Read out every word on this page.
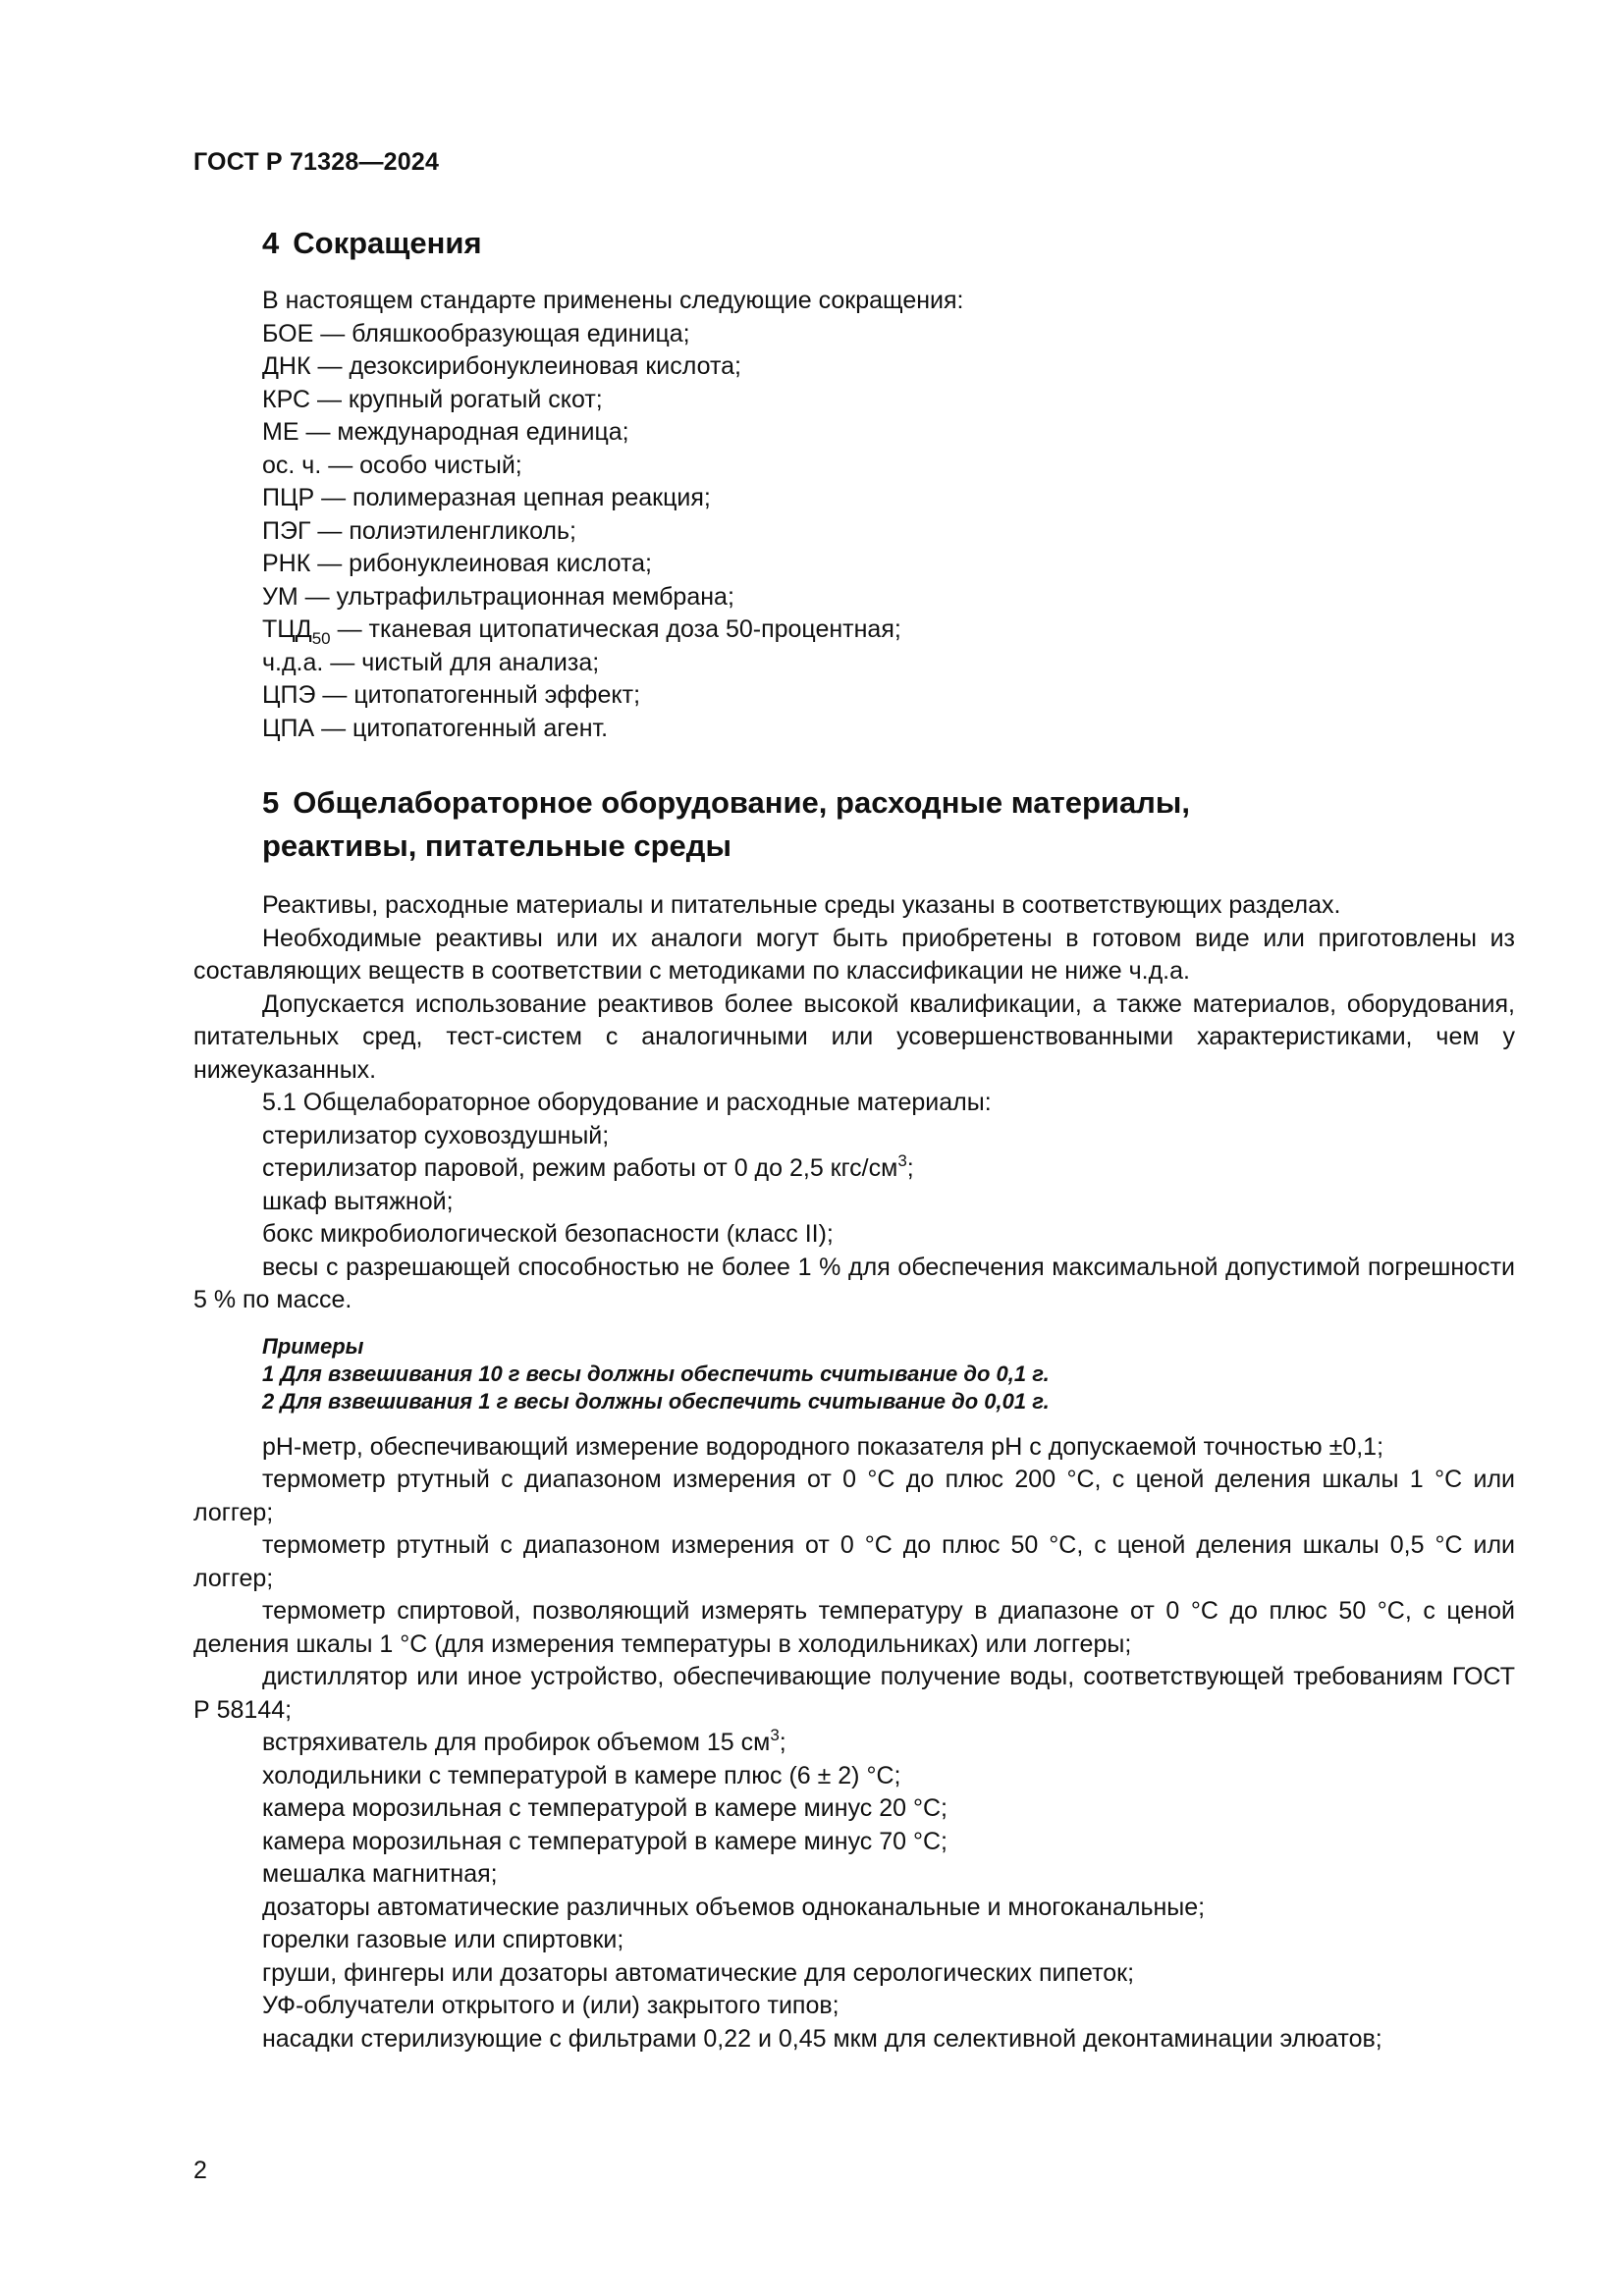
ГОСТ Р 71328—2024
4 Сокращения
В настоящем стандарте применены следующие сокращения:
БОЕ — бляшкообразующая единица;
ДНК — дезоксирибонуклеиновая кислота;
КРС — крупный рогатый скот;
МЕ — международная единица;
ос. ч. — особо чистый;
ПЦР — полимеразная цепная реакция;
ПЭГ — полиэтиленгликоль;
РНК — рибонуклеиновая кислота;
УМ — ультрафильтрационная мембрана;
$ТЦД_{50}$ — тканевая цитопатическая доза 50-процентная;
ч.д.а. — чистый для анализа;
ЦПЭ — цитопатогенный эффект;
ЦПА — цитопатогенный агент.
5 Общелабораторное оборудование, расходные материалы,
реактивы, питательные среды

Реактивы, расходные материалы и питательные среды указаны в соответствующих разделах.

Необходимые реактивы или их аналоги могут быть приобретены в готовом виде или приготовлены из составляющих веществ в соответствии с методиками по классификации не ниже ч.д.а.

Допускается использование реактивов более высокой квалификации, а также материалов, оборудования, питательных сред, тест-систем с аналогичными или усовершенствованными характеристиками, чем у нижеуказанных.

5.1 Общелабораторное оборудование и расходные материалы:
стерилизатор суховоздушный;
стерилизатор паровой, режим работы от 0 до 2,5 кгс/$см^3$;
шкаф вытяжной;
бокс микробиологической безопасности (класс II);

весы с разрешающей способностью не более 1 % для обеспечения максимальной допустимой погрешности 5 % по массе.

Примеры
1 Для взвешивания 10 г весы должны обеспечить считывание до 0,1 г.
2 Для взвешивания 1 г весы должны обеспечить считывание до 0,01 г.

рН-метр, обеспечивающий измерение водородного показателя рН с допускаемой точностью ±0,1;

термометр ртутный с диапазоном измерения от 0 °С до плюс 200 °С, с ценой деления шкалы 1 °С или логгер;

термометр ртутный с диапазоном измерения от 0 °С до плюс 50 °С, с ценой деления шкалы 0,5 °С или логгер;

термометр спиртовой, позволяющий измерять температуру в диапазоне от 0 °С до плюс 50 °С, с ценой деления шкалы 1 °С (для измерения температуры в холодильниках) или логгеры;

дистиллятор или иное устройство, обеспечивающие получение воды, соответствующей требованиям ГОСТ Р 58144;

встряхиватель для пробирок объемом 15 $см^3$;
холодильники с температурой в камере плюс (6 ± 2) °С;
камера морозильная с температурой в камере минус 20 °С;
камера морозильная с температурой в камере минус 70 °С;
мешалка магнитная;
дозаторы автоматические различных объемов одноканальные и многоканальные;
горелки газовые или спиртовки;
груши, фингеры или дозаторы автоматические для серологических пипеток;
УФ-облучатели открытого и (или) закрытого типов;
насадки стерилизующие с фильтрами 0,22 и 0,45 мкм для селективной деконтаминации элюатов;
2
